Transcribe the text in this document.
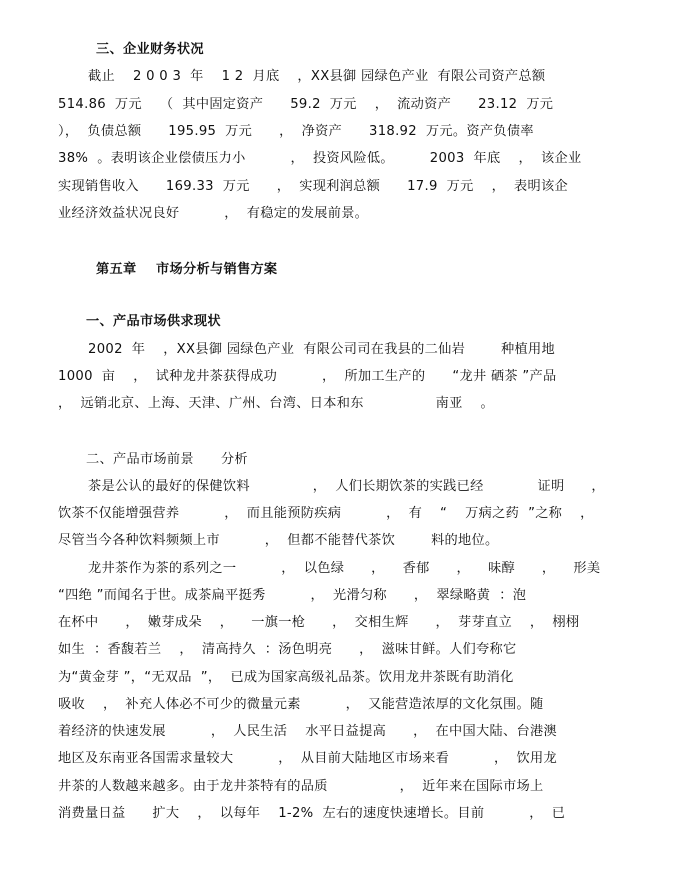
三、企业财务状况
截止    2 0 0 3  年    1 2  月底    ，XX县御 园绿色产业  有限公司资产总额
514.86  万元    （  其中固定资产      59.2  万元    ，  流动资产      23.12  万元
），  负债总额      195.95  万元      ，  净资产      318.92  万元。资产负债率
38%  。表明该企业偿债压力小          ，  投资风险低。        2003  年底    ，  该企业
实现销售收入      169.33  万元      ，  实现利润总额      17.9  万元    ，  表明该企
业经济效益状况良好          ，  有稳定的发展前景。
第五章    市场分析与销售方案
一、产品市场供求现状
2002  年    ，XX县御 园绿色产业  有限公司司在我县的二仙岩        种植用地
1000  亩    ，  试种龙井茶获得成功          ，  所加工生产的      “龙井 硒茶 ”产品
，  远销北京、上海、天津、广州、台湾、日本和东                南亚    。
二、产品市场前景      分析
茶是公认的最好的保健饮料              ，  人们长期饮茶的实践已经            证明      ，
饮茶不仅能增强营养          ，  而且能预防疾病          ，  有    “    万病之药  ”之称    ，
尽管当今各种饮料频频上市          ，  但都不能替代茶饮        料的地位。
龙井茶作为茶的系列之一          ，  以色绿      ，    香郁      ，    味醇      ，    形美
“四绝 ”而闻名于世。成茶扁平挺秀          ，  光滑匀称      ，  翠绿略黄  ：泡
在杯中      ，  嫩芽成朵    ，    一旗一枪      ，  交相生辉      ，  芽芽直立    ，  栩栩
如生  ：香馥若兰    ，  清高持久  ：汤色明亮      ，  滋味甘鲜。人们夸称它
为“黄金芽 ”，“无双品  ”，  已成为国家高级礼品茶。饮用龙井茶既有助消化
吸收    ，  补充人体必不可少的微量元素          ，  又能营造浓厚的文化氛围。随
着经济的快速发展          ，  人民生活    水平日益提高      ，  在中国大陆、台港澳
地区及东南亚各国需求量较大          ，  从目前大陆地区市场来看          ，  饮用龙
井茶的人数越来越多。由于龙井茶特有的品质                ，  近年来在国际市场上
消费量日益      扩大    ，  以每年    1-2%  左右的速度快速增长。目前          ，  已
